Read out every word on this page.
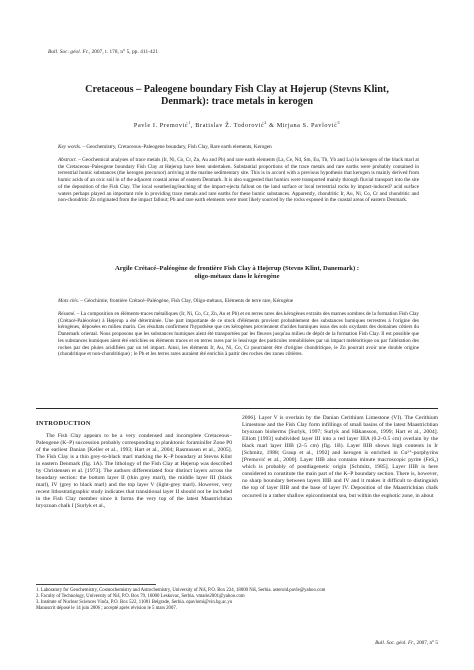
Bull. Soc. géol. Fr., 2007, t. 178, n° 5, pp. 411-421
Cretaceous – Paleogene boundary Fish Clay at Højerup (Stevns Klint,
Denmark): trace metals in kerogen
Pavle I. Premović$^1$, Bratislav Ž. Todorović$^2$ & Mirjana S. Pavlović$^3$
Key words. – Geochemistry, Cretaceous–Paleogene boundary, Fish Clay, Rare earth elements, Kerogen
Abstract. – Geochemical analyses of trace metals (Ir, Ni, Co, Cr, Zn, Au and Pb) and rare earth elements (La, Ce, Nd, Sm, Eu, Tb, Yb and Lu) in kerogen of the black marl at the Cretaceous–Paleogene boundary Fish Clay at Højerup have been undertaken. Substantial proportions of the trace metals and rare earths were probably contained in terrestrial humic substances (the kerogen precursor) arriving at the marine sedimentary site. This is in accord with a previous hypothesis that kerogen is mainly derived from humic acids of an oxic soil in of the adjacent coastal areas of eastern Denmark. It is also suggested that humics were transported mainly through fluvial transport into the site of the deposition of the Fish Clay. The local weathering/leaching of the impact-ejecta fallout on the land surface or local terrestrial rocks by impact-induced? acid surface waters perhaps played an important role in providing trace metals and rare earths for these humic substances. Apparently, chondritic Ir, Au, Ni, Co, Cr and chondritic and non-chondritic Zn originated from the impact fallout; Pb and rare earth elements were most likely sourced by the rocks exposed in the coastal areas of eastern Denmark.
Argile Crétacé–Paléogène de frontière Fish Clay à Højerup (Stevns Klint, Danemark) :
oligo-métaux dans le kérogène
Mots clés. – Géochimie, frontière Crétacé–Paléogène, Fish Clay, Oligo-métaux, Eléments de terre rare, Kérogène
Résumé. – La composition en éléments-traces métalliques (Ir, Ni, Co, Cr, Zn, Au et Pb) et en terres rares des kérogènes extraits des marnes sombres de la formation Fish Clay (Crétacé-Paléocène) à Højerup a été déterminée. Une part importante de ce stock d'éléments provient probablement des substances humiques terrestres à l'origine des kérogènes, déposées en milieu marin. Ces résultats confirment l'hypothèse que ces kérogènes proviennent d'acides humiques issus des sols oxydants des domaines côtiers du Danemark oriental. Nous proposons que les substances humiques aient été transportées par les fleuves jusqu'au milieu de dépôt de la formation Fish Clay. Il est possible que les substances humiques aient été enrichies en éléments traces et en terres rares par le lessivage des particules remobilisées par un impact météoritique ou par l'altération des roches par des pluies acidifiées par un tel impact. Ainsi, les éléments Ir, Au, Ni, Co, Cr pourraient être d'origine chondritique, le Zn pourrait avoir une double origine (chondritique et non-chondritique) ; le Pb et les terres rares auraient été enrichis à partir des roches des zones côtières.
INTRODUCTION
The Fish Clay appears to be a very condensed and incomplete Cretaceous–Paleogene (K–P) succession probably corresponding to planktonic foraminifer Zone P0 of the earliest Danian [Keller et al., 1993; Hart et al., 2004; Rasmussen et al., 2005]. The Fish Clay is a thin grey-to-black marl marking the K–P boundary at Stevns Klint in eastern Denmark (fig. 1A). The lithology of the Fish Clay at Højerup was described by Christensen et al. [1973]. The authors differentiated four distinct layers across the boundary section: the bottom layer II (thin grey marl), the middle layer III (black marl), IV (grey to black marl) and the top layer V (light-grey marl). However, very recent lithostratigraphic study indicates that transitional layer II should not be included in the Fish Clay member since it forms the very top of the latest Maastrichtian bryozoan chalk I [Surlyk et al.,
2006]. Layer V is overlain by the Danian Cerithium Limestone (VI). The Cerithium Limestone and the Fish Clay form infillings of small basins of the latest Maastrichtian bryozoan bioherms [Surlyk, 1997; Surlyk and Håkansson, 1999; Hart et al., 2004]. Elliott [1993] subdivided layer III into a red layer IIIA (0.2–0.5 cm) overlain by the black marl layer IIIB (2–5 cm) (fig. 1B). Layer IIIB shows high contents in Ir [Schmitz, 1988; Graup et al., 1992] and kerogen is enriched in Cu²⁺-porphyrins [Premović et al., 2000]. Layer IIIB also contains minute macroscopic pyrite (FeS₂) which is probably of postdiagenetic origin [Schmitz, 1985]. Layer IIIB is here considered to constitute the main part of the K–P boundary section. There is, however, no sharp boundary between layers IIIB and IV and it makes it difficult to distinguish the top of layer IIIB and the base of layer IV. Deposition of the Maastrichtian chalk occurred in a rather shallow epicontinental sea, but within the euphotic zone, in about
1. Laboratory for Geochemistry, Cosmochemistry and Astrochemistry, University of Niš, P.O. Box 224, 18000 Niš, Serbia. asteroid.pavle@yahoo.com
2. Faculty of Technology, University of Niš, P.O. Box 79, 16000 Leskovac, Serbia. vmarie2001@yahoo.com
3. Institute of Nuclear Sciences Vinča, P.O. Box 522, 11001 Belgrade, Serbia. opavlomi@vin.bg.ac.yu
Manuscrit déposé le 14 juin 2006 ; accepté après révision le 5 mars 2007.
Bull. Soc. géol. Fr., 2007, n° 5
